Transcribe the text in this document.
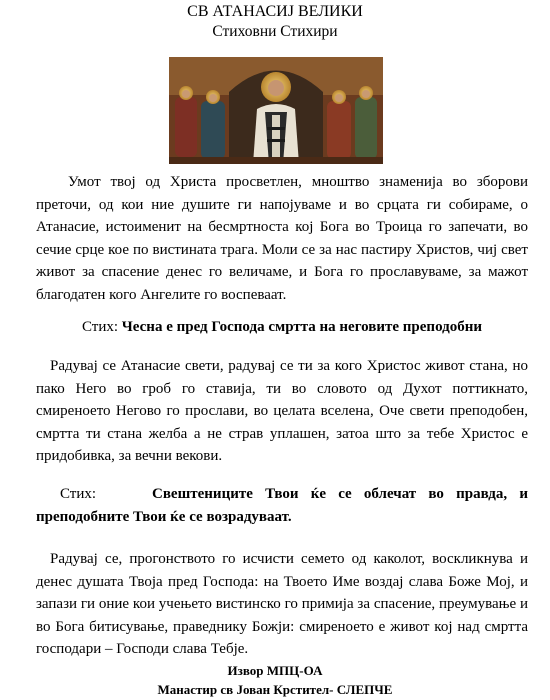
СВ АТАНАСИЈ ВЕЛИКИ
Стиховни Стихири

Умот твој од Христа просветлен, мноштво знаменија во зборови преточи, од кои ние душите ги напојуваме и во срцата ги собираме, о Атанасие, истоименит на бесмртноста кој Бога во Троица го запечати, во сечие срце кое по вистината трага. Моли се за нас пастиру Христов, чиј свет живот за спасение денес го величаме, и Бога го прославуваме, за мажот благодатен кого Ангелите го воспеваат.

Стих: Чесна е пред Господа смртта на неговите преподобни

Радувај се Атанасие свети, радувај се ти за кого Христос живот стана, но пако Него во гроб го ставија, ти во словото од Духот поттикнато, смиреноето Негово го прослави, во целата вселена, Оче свети преподобен, смртта ти стана желба а не страв уплашен, затоа што за тебе Христос е придобивка, за вечни векови.

Стих:	Свештениците Твои ќе се облечат во правда, и преподобните Твои ќе се возрадуваат.

Радувај се, прогонството го исчисти семето од каколот, воскликнува и денес душата Твоја пред Господа: на Твоето Име воздај слава Боже Мој, и запази ги оние кои учењето вистинско го примија за спасение, преумување и во Бога битисување, праведнику Божји: смиреноето е живот кој над смртта господари – Господи слава Тебје.

Извор МПЦ-ОА
Манастир св Јован Крстител- СЛЕПЧЕ
